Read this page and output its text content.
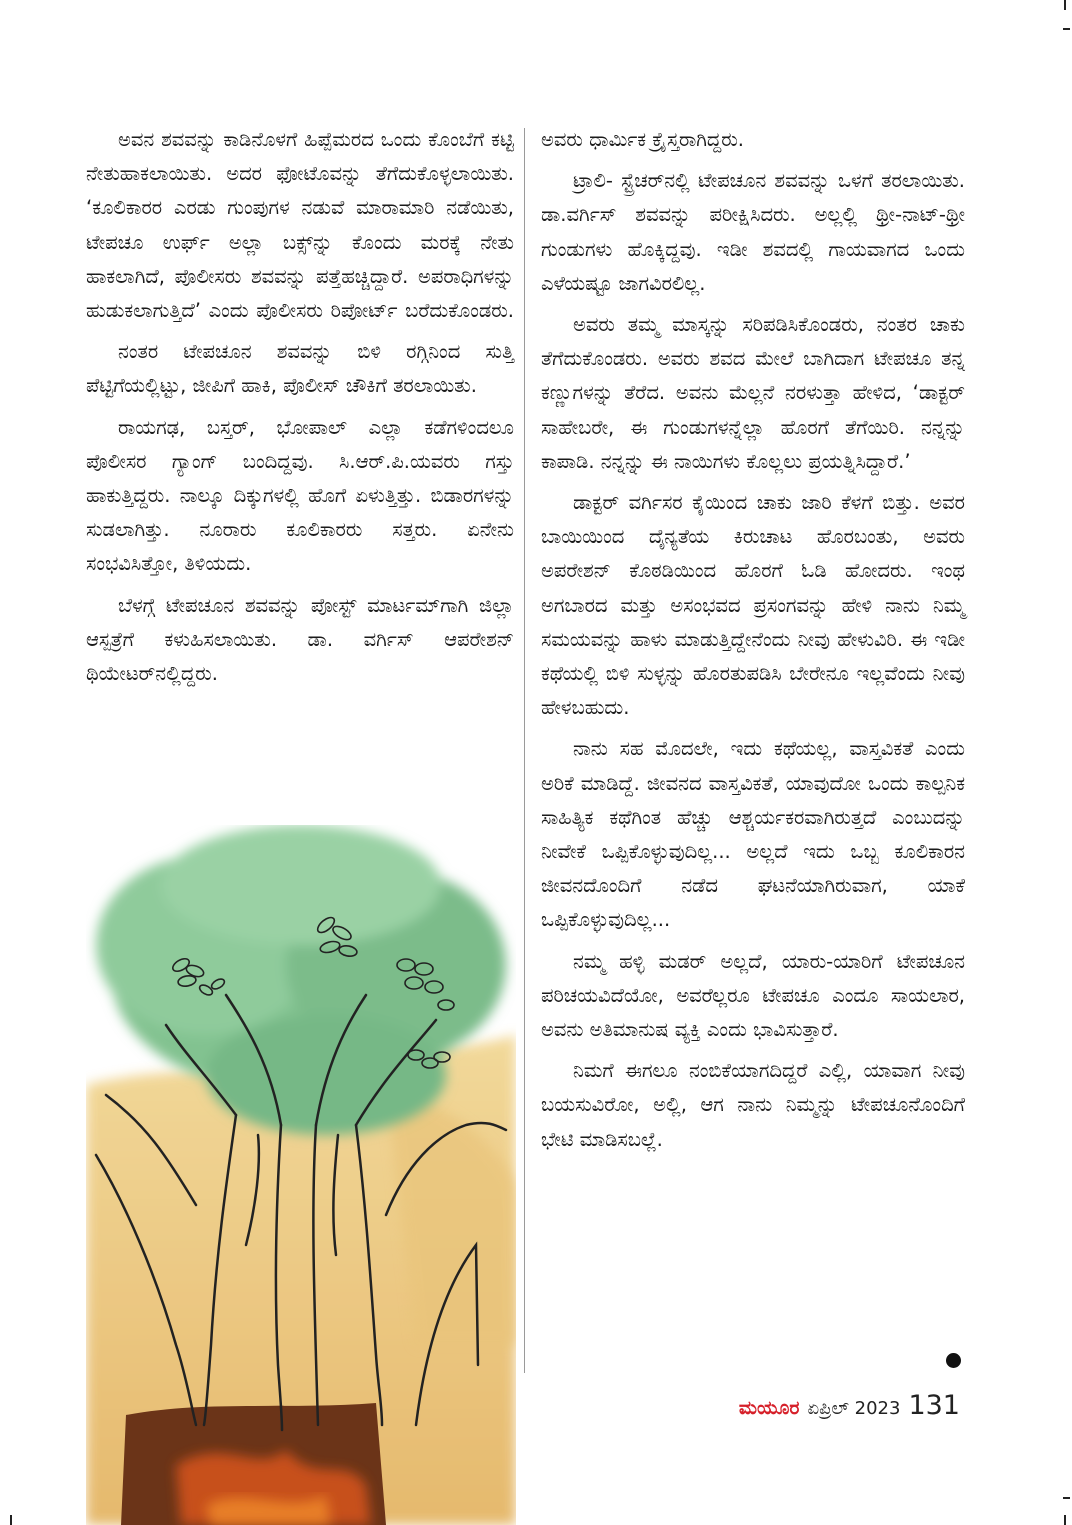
ಅವನ ಶವವನ್ನು ಕಾಡಿನೊಳಗೆ ಹಿಪ್ಪೆಮರದ ಒಂದು ಕೊಂಬೆಗೆ ಕಟ್ಟಿ ನೇತುಹಾಕಲಾಯಿತು. ಅದರ ಫೋಟೊವನ್ನು ತೆಗೆದುಕೊಳ್ಳಲಾಯಿತು. ‘ಕೂಲಿಕಾರರ ಎರಡು ಗುಂಪುಗಳ ನಡುವೆ ಮಾರಾಮಾರಿ ನಡೆಯಿತು, ಟೇಪಚೂ ಉರ್ಫ್ ಅಲ್ಲಾ ಬಕ್ಸ್‌ನ್ನು ಕೊಂದು ಮರಕ್ಕೆ ನೇತು ಹಾಕಲಾಗಿದೆ, ಪೊಲೀಸರು ಶವವನ್ನು ಪತ್ತೆಹಚ್ಚಿದ್ದಾರೆ. ಅಪರಾಧಿಗಳನ್ನು ಹುಡುಕಲಾಗುತ್ತಿದೆ’ ಎಂದು ಪೊಲೀಸರು ರಿಪೋರ್ಟ್ ಬರೆದುಕೊಂಡರು.

ನಂತರ ಟೇಪಚೂನ ಶವವನ್ನು ಬಿಳಿ ರಗ್ಗಿನಿಂದ ಸುತ್ತಿ ಪೆಟ್ಟಿಗೆಯಲ್ಲಿಟ್ಟು, ಜೀಪಿಗೆ ಹಾಕಿ, ಪೊಲೀಸ್ ಚೌಕಿಗೆ ತರಲಾಯಿತು.

ರಾಯಗಢ, ಬಸ್ತರ್, ಭೋಪಾಲ್ ಎಲ್ಲಾ ಕಡೆಗಳಿಂದಲೂ ಪೊಲೀಸರ ಗ್ಯಾಂಗ್ ಬಂದಿದ್ದವು. ಸಿ.ಆರ್.ಪಿ.ಯವರು ಗಸ್ತು ಹಾಕುತ್ತಿದ್ದರು. ನಾಲ್ಕೂ ದಿಕ್ಕುಗಳಲ್ಲಿ ಹೊಗೆ ಏಳುತ್ತಿತ್ತು. ಬಿಡಾರಗಳನ್ನು ಸುಡಲಾಗಿತ್ತು. ನೂರಾರು ಕೂಲಿಕಾರರು ಸತ್ತರು. ಏನೇನು ಸಂಭವಿಸಿತ್ತೋ, ತಿಳಿಯದು.

ಬೆಳಗ್ಗೆ ಟೇಪಚೂನ ಶವವನ್ನು ಪೋಸ್ಟ್ ಮಾರ್ಟಮ್‌ಗಾಗಿ ಜಿಲ್ಲಾ ಆಸ್ಪತ್ರೆಗೆ ಕಳುಹಿಸಲಾಯಿತು. ಡಾ. ವರ್ಗಿಸ್ ಆಪರೇಶನ್ ಥಿಯೇಟರ್‌ನಲ್ಲಿದ್ದರು.

ಅವರು ಧಾರ್ಮಿಕ ಕ್ರೈಸ್ತರಾಗಿದ್ದರು.

ಟ್ರಾಲಿ- ಸ್ಟ್ರೆಚರ್‌ನಲ್ಲಿ ಟೇಪಚೂನ ಶವವನ್ನು ಒಳಗೆ ತರಲಾಯಿತು. ಡಾ.ವರ್ಗಿಸ್ ಶವವನ್ನು ಪರೀಕ್ಷಿಸಿದರು. ಅಲ್ಲಲ್ಲಿ ಥ್ರೀ-ನಾಟ್-ಥ್ರೀ ಗುಂಡುಗಳು ಹೊಕ್ಕಿದ್ದವು. ಇಡೀ ಶವದಲ್ಲಿ ಗಾಯವಾಗದ ಒಂದು ಎಳೆಯಷ್ಟೂ ಜಾಗವಿರಲಿಲ್ಲ.

ಅವರು ತಮ್ಮ ಮಾಸ್ಕನ್ನು ಸರಿಪಡಿಸಿಕೊಂಡರು, ನಂತರ ಚಾಕು ತೆಗೆದುಕೊಂಡರು. ಅವರು ಶವದ ಮೇಲೆ ಬಾಗಿದಾಗ ಟೇಪಚೂ ತನ್ನ ಕಣ್ಣುಗಳನ್ನು ತೆರೆದ. ಅವನು ಮೆಲ್ಲನೆ ನರಳುತ್ತಾ ಹೇಳಿದ, ‘ಡಾಕ್ಟರ್ ಸಾಹೇಬರೇ, ಈ ಗುಂಡುಗಳನ್ನೆಲ್ಲಾ ಹೊರಗೆ ತೆಗೆಯಿರಿ. ನನ್ನನ್ನು ಕಾಪಾಡಿ. ನನ್ನನ್ನು ಈ ನಾಯಿಗಳು ಕೊಲ್ಲಲು ಪ್ರಯತ್ನಿಸಿದ್ದಾರೆ.’

ಡಾಕ್ಟರ್ ವರ್ಗಿಸರ ಕೈಯಿಂದ ಚಾಕು ಜಾರಿ ಕೆಳಗೆ ಬಿತ್ತು. ಅವರ ಬಾಯಿಯಿಂದ ದೈನ್ಯತೆಯ ಕಿರುಚಾಟ ಹೊರಬಂತು, ಅವರು ಅಪರೇಶನ್ ಕೊಠಡಿಯಿಂದ ಹೊರಗೆ ಓಡಿ ಹೋದರು. ಇಂಥ ಅಗಬಾರದ ಮತ್ತು ಅಸಂಭವದ ಪ್ರಸಂಗವನ್ನು ಹೇಳಿ ನಾನು ನಿಮ್ಮ ಸಮಯವನ್ನು ಹಾಳು ಮಾಡುತ್ತಿದ್ದೇನೆಂದು ನೀವು ಹೇಳುವಿರಿ. ಈ ಇಡೀ ಕಥೆಯಲ್ಲಿ ಬಿಳಿ ಸುಳ್ಳನ್ನು ಹೊರತುಪಡಿಸಿ ಬೇರೇನೂ ಇಲ್ಲವೆಂದು ನೀವು ಹೇಳಬಹುದು.

ನಾನು ಸಹ ಮೊದಲೇ, ಇದು ಕಥೆಯಲ್ಲ, ವಾಸ್ತವಿಕತೆ ಎಂದು ಅರಿಕೆ ಮಾಡಿದ್ದೆ. ಜೀವನದ ವಾಸ್ತವಿಕತೆ, ಯಾವುದೋ ಒಂದು ಕಾಲ್ಪನಿಕ ಸಾಹಿತ್ಯಿಕ ಕಥೆಗಿಂತ ಹೆಚ್ಚು ಆಶ್ಚರ್ಯಕರವಾಗಿರುತ್ತದೆ ಎಂಬುದನ್ನು ನೀವೇಕೆ ಒಪ್ಪಿಕೊಳ್ಳುವುದಿಲ್ಲ... ಅಲ್ಲದೆ ಇದು ಒಬ್ಬ ಕೂಲಿಕಾರನ ಜೀವನದೊಂದಿಗೆ ನಡೆದ ಘಟನೆಯಾಗಿರುವಾಗ, ಯಾಕೆ ಒಪ್ಪಿಕೊಳ್ಳುವುದಿಲ್ಲ...

ನಮ್ಮ ಹಳ್ಳಿ ಮಡರ್ ಅಲ್ಲದೆ, ಯಾರು-ಯಾರಿಗೆ ಟೇಪಚೂನ ಪರಿಚಯವಿದೆಯೋ, ಅವರೆಲ್ಲರೂ ಟೇಪಚೂ ಎಂದೂ ಸಾಯಲಾರ, ಅವನು ಅತಿಮಾನುಷ ವ್ಯಕ್ತಿ ಎಂದು ಭಾವಿಸುತ್ತಾರೆ.

ನಿಮಗೆ ಈಗಲೂ ನಂಬಿಕೆಯಾಗದಿದ್ದರೆ ಎಲ್ಲಿ, ಯಾವಾಗ ನೀವು ಬಯಸುವಿರೋ, ಅಲ್ಲಿ, ಆಗ ನಾನು ನಿಮ್ಮನ್ನು ಟೇಪಚೂನೊಂದಿಗೆ ಭೇಟಿ ಮಾಡಿಸಬಲ್ಲೆ.

ಮಯೂರ ಏಪ್ರಿಲ್ 2023 131
